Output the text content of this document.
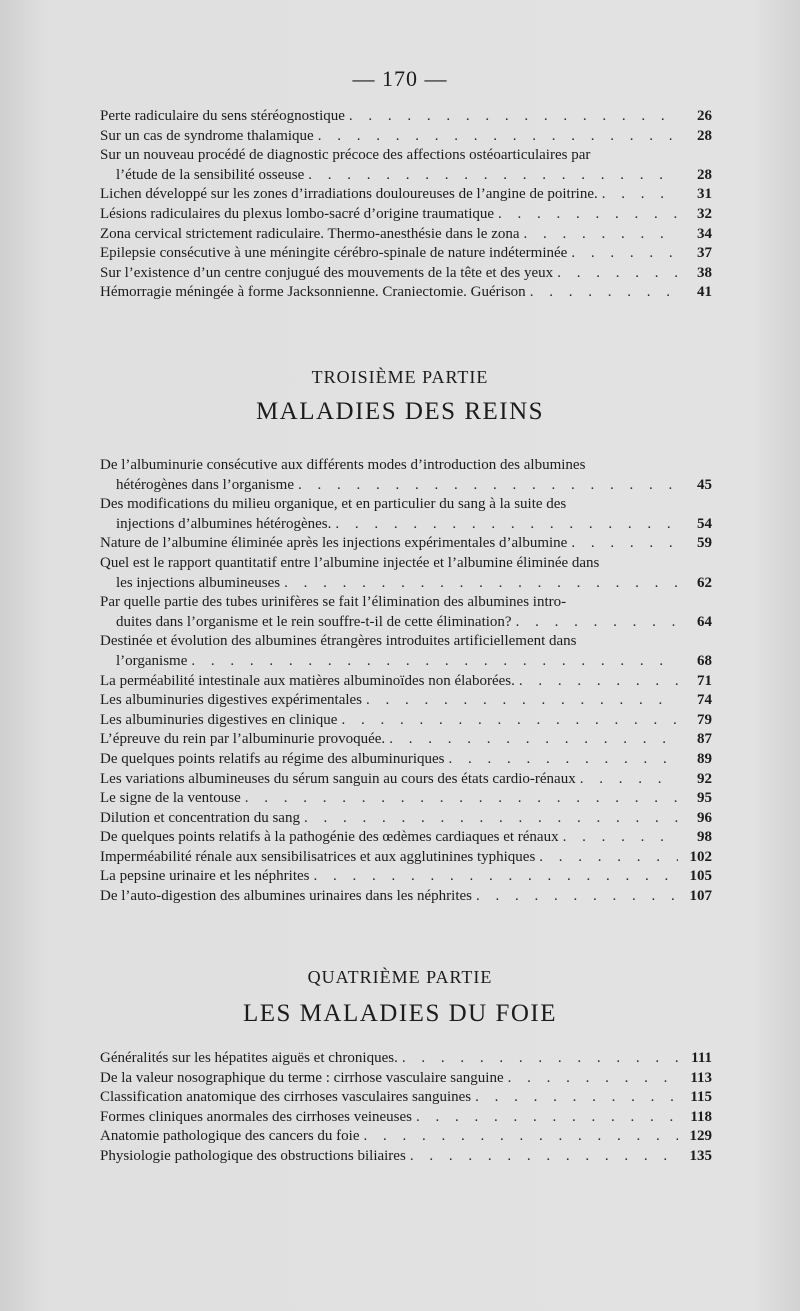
— 170 —
Perte radiculaire du sens stéréognostique . . .	26
Sur un cas de syndrome thalamique . . .	28
Sur un nouveau procédé de diagnostic précoce des affections ostéoarticulaires par
l’étude de la sensibilité osseuse . . .	28
Lichen développé sur les zones d’irradiations douloureuses de l’angine de poitrine. . . .	31
Lésions radiculaires du plexus lombo-sacré d’origine traumatique . . .	32
Zona cervical strictement radiculaire. Thermo-anesthésie dans le zona . . .	34
Epilepsie consécutive à une méningite cérébro-spinale de nature indéterminée . . .	37
Sur l’existence d’un centre conjugué des mouvements de la tête et des yeux . . .	38
Hémorragie méningée à forme Jacksonnienne. Craniectomie. Guérison . . .	41
TROISIÈME PARTIE
MALADIES DES REINS
De l’albuminurie consécutive aux différents modes d’introduction des albumines
hétérogènes dans l’organisme . . .	45
Des modifications du milieu organique, et en particulier du sang à la suite des
injections d’albumines hétérogènes. . . .	54
Nature de l’albumine éliminée après les injections expérimentales d’albumine . . .	59
Quel est le rapport quantitatif entre l’albumine injectée et l’albumine éliminée dans
les injections albumineuses . . .	62
Par quelle partie des tubes urinifères se fait l’élimination des albumines intro-
duites dans l’organisme et le rein souffre-t-il de cette élimination? . . .	64
Destinée et évolution des albumines étrangères introduites artificiellement dans
l’organisme . . .	68
La perméabilité intestinale aux matières albuminoïdes non élaborées. . . .	71
Les albuminuries digestives expérimentales . . .	74
Les albuminuries digestives en clinique . . .	79
L’épreuve du rein par l’albuminurie provoquée. . . .	87
De quelques points relatifs au régime des albuminuriques . . .	89
Les variations albumineuses du sérum sanguin au cours des états cardio-rénaux . . .	92
Le signe de la ventouse . . .	95
Dilution et concentration du sang . . .	96
De quelques points relatifs à la pathogénie des œdèmes cardiaques et rénaux . . .	98
Imperméabilité rénale aux sensibilisatrices et aux agglutinines typhiques . . .	102
La pepsine urinaire et les néphrites . . .	105
De l’auto-digestion des albumines urinaires dans les néphrites . . .	107
QUATRIÈME PARTIE
LES MALADIES DU FOIE
Généralités sur les hépatites aiguës et chroniques. . . .	111
De la valeur nosographique du terme : cirrhose vasculaire sanguine . . .	113
Classification anatomique des cirrhoses vasculaires sanguines . . .	115
Formes cliniques anormales des cirrhoses veineuses . . .	118
Anatomie pathologique des cancers du foie . . .	129
Physiologie pathologique des obstructions biliaires . . .	135
